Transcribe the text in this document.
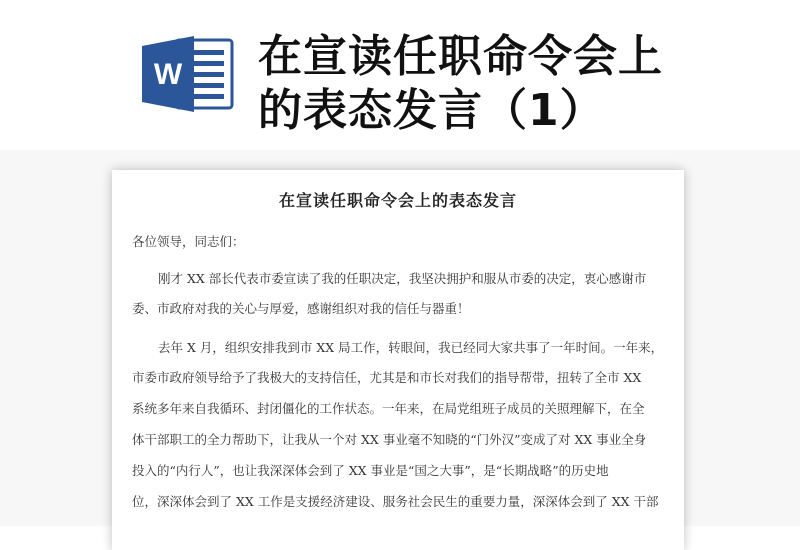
W 在宣读任职命令会上
的表态发言（1）
在宣读任职命令会上的表态发言
各位领导，同志们：
刚才 XX 部长代表市委宣读了我的任职决定，我坚决拥护和服从市委的决定，衷心感谢市
委、市政府对我的关心与厚爱，感谢组织对我的信任与器重！
去年 X 月，组织安排我到市 XX 局工作，转眼间，我已经同大家共事了一年时间。一年来，
市委市政府领导给予了我极大的支持信任，尤其是和市长对我们的指导帮带，扭转了全市 XX
系统多年来自我循环、封闭僵化的工作状态。一年来，在局党组班子成员的关照理解下，在全
体干部职工的全力帮助下，让我从一个对 XX 事业毫不知晓的“门外汉”变成了对 XX 事业全身
投入的“内行人”，也让我深深体会到了 XX 事业是“国之大事”，是“长期战略”的历史地
位，深深体会到了 XX 工作是支援经济建设、服务社会民生的重要力量，深深体会到了 XX 干部
